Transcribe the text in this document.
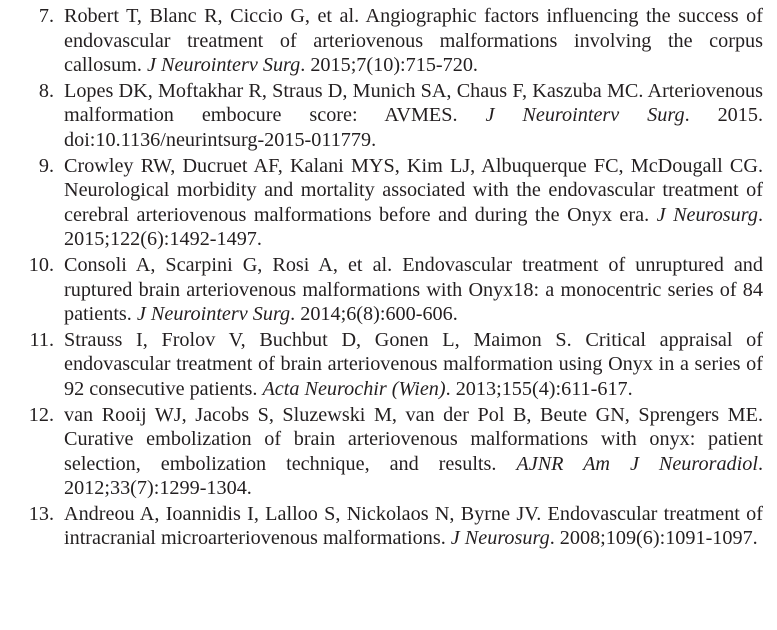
7. Robert T, Blanc R, Ciccio G, et al. Angiographic factors influencing the success of endovascular treatment of arteriovenous malformations involving the corpus callosum. J Neurointerv Surg. 2015;7(10):715-720.
8. Lopes DK, Moftakhar R, Straus D, Munich SA, Chaus F, Kaszuba MC. Arteriovenous malformation embocure score: AVMES. J Neurointerv Surg. 2015. doi:10.1136/neurintsurg-2015-011779.
9. Crowley RW, Ducruet AF, Kalani MYS, Kim LJ, Albuquerque FC, McDougall CG. Neurological morbidity and mortality associated with the endovascular treatment of cerebral arteriovenous malformations before and during the Onyx era. J Neurosurg. 2015;122(6):1492-1497.
10. Consoli A, Scarpini G, Rosi A, et al. Endovascular treatment of unruptured and ruptured brain arteriovenous malformations with Onyx18: a monocentric series of 84 patients. J Neurointerv Surg. 2014;6(8):600-606.
11. Strauss I, Frolov V, Buchbut D, Gonen L, Maimon S. Critical appraisal of endovascular treatment of brain arteriovenous malformation using Onyx in a series of 92 consecutive patients. Acta Neurochir (Wien). 2013;155(4):611-617.
12. van Rooij WJ, Jacobs S, Sluzewski M, van der Pol B, Beute GN, Sprengers ME. Curative embolization of brain arteriovenous malformations with onyx: patient selection, embolization technique, and results. AJNR Am J Neuroradiol. 2012;33(7):1299-1304.
13. Andreou A, Ioannidis I, Lalloo S, Nickolaos N, Byrne JV. Endovascular treatment of intracranial microarteriovenous malformations. J Neurosurg. 2008;109(6):1091-1097.
